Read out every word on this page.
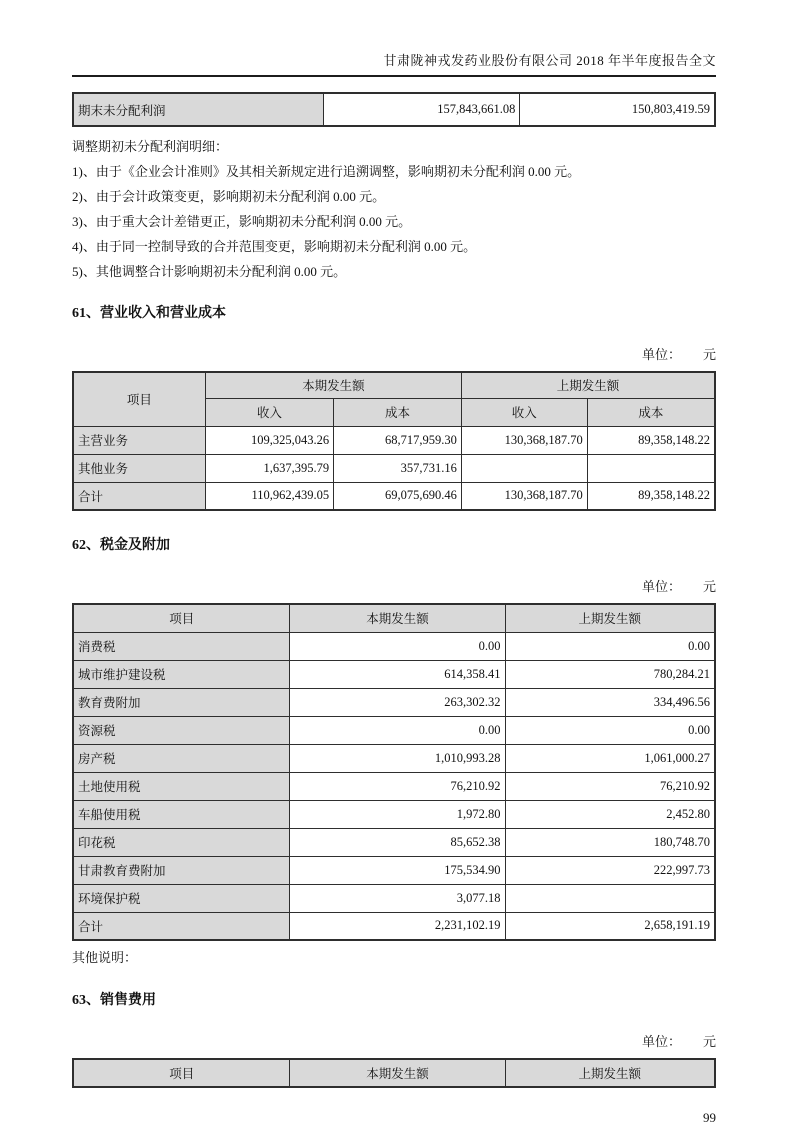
甘肃陇神戎发药业股份有限公司 2018 年半年度报告全文
期末未分配利润	157,843,661.08	150,803,419.59

调整期初未分配利润明细：

1)、由于《企业会计准则》及其相关新规定进行追溯调整，影响期初未分配利润 0.00 元。

2)、由于会计政策变更，影响期初未分配利润 0.00 元。

3)、由于重大会计差错更正，影响期初未分配利润 0.00 元。

4)、由于同一控制导致的合并范围变更，影响期初未分配利润 0.00 元。

5)、其他调整合计影响期初未分配利润 0.00 元。

61、营业收入和营业成本

单位： 元
项目	本期发生额		上期发生额	
	收入	成本	收入	成本
主营业务	109,325,043.26	68,717,959.30	130,368,187.70	89,358,148.22
其他业务	1,637,395.79	357,731.16		
合计	110,962,439.05	69,075,690.46	130,368,187.70	89,358,148.22

62、税金及附加

单位： 元
项目	本期发生额	上期发生额
消费税	0.00	0.00
城市维护建设税	614,358.41	780,284.21
教育费附加	263,302.32	334,496.56
资源税	0.00	0.00
房产税	1,010,993.28	1,061,000.27
土地使用税	76,210.92	76,210.92
车船使用税	1,972.80	2,452.80
印花税	85,652.38	180,748.70
甘肃教育费附加	175,534.90	222,997.73
环境保护税	3,077.18	
合计	2,231,102.19	2,658,191.19

其他说明：

63、销售费用

单位： 元
项目	本期发生额	上期发生额
99
